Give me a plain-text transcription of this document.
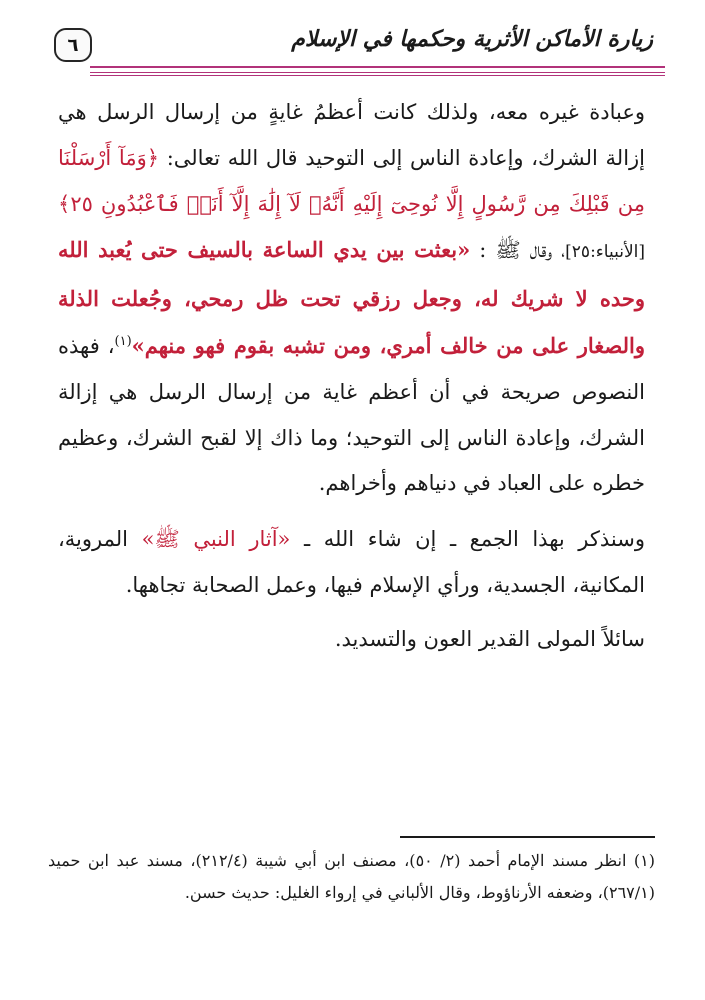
زيارة الأماكن الأثرية وحكمها في الإسلام
٦

وعبادة غيره معه، ولذلك كانت أعظمُ غايةٍ من إرسال الرسل هي إزالة الشرك، وإعادة الناس إلى التوحيد قال الله تعالى: ﴿وَمَآ أَرْسَلْنَا مِن قَبْلِكَ مِن رَّسُولٍ إِلَّا نُوحِىٓ إِلَيْهِ أَنَّهُۥ لَآ إِلَٰهَ إِلَّآ أَنَا۠ فَٱعْبُدُونِ ٢٥﴾ [الأنبياء:٢٥]، وقال ﷺ : «بعثت بين يدي الساعة بالسيف حتى يُعبد الله وحده لا شريك له، وجعل رزقي تحت ظل رمحي، وجُعلت الذلة والصغار على من خالف أمري، ومن تشبه بقوم فهو منهم»$^{(١)}$، فهذه النصوص صريحة في أن أعظم غاية من إرسال الرسل هي إزالة الشرك، وإعادة الناس إلى التوحيد؛ وما ذاك إلا لقبح الشرك، وعظيم خطره على العباد في دنياهم وأخراهم.

وسنذكر بهذا الجمع ـ إن شاء الله ـ «آثار النبي ﷺ» المروية، المكانية، الجسدية، ورأي الإسلام فيها، وعمل الصحابة تجاهها.

سائلاً المولى القدير العون والتسديد.

(١) انظر مسند الإمام أحمد (٢/ ٥٠)، مصنف ابن أبي شيبة (٢١٢/٤)، مسند عبد ابن حميد (٢٦٧/١)، وضعفه الأرناؤوط، وقال الألباني في إرواء الغليل: حديث حسن.
